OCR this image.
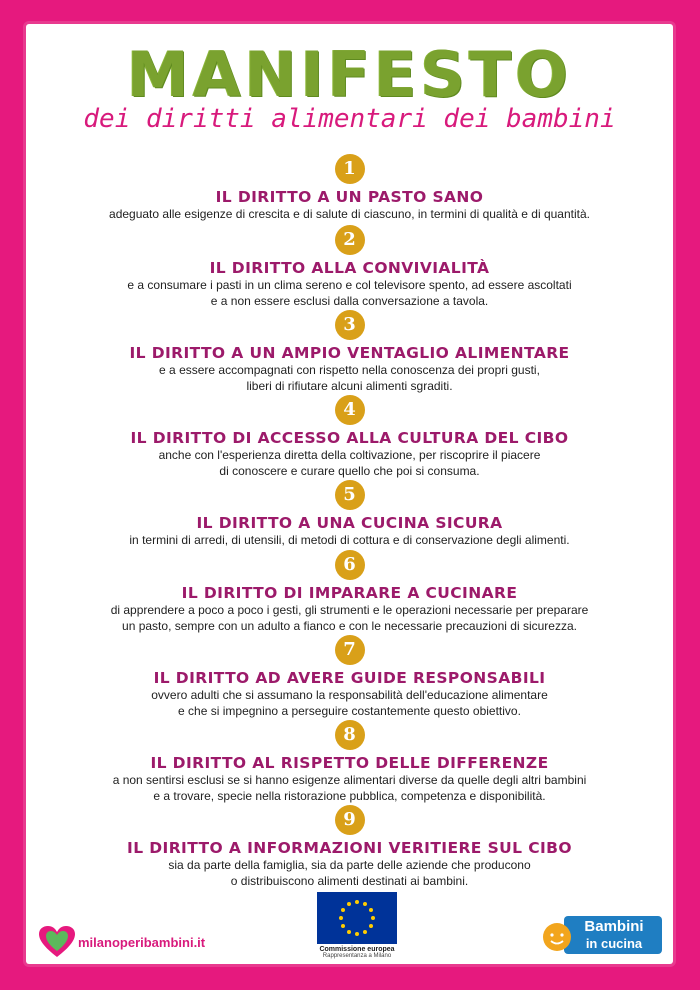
MANIFESTO
dei diritti alimentari dei bambini
1
IL DIRITTO A UN PASTO SANO
adeguato alle esigenze di crescita e di salute di ciascuno, in termini di qualità e di quantità.
2
IL DIRITTO ALLA CONVIVIALITÀ
e a consumare i pasti in un clima sereno e col televisore spento, ad essere ascoltati
e a non essere esclusi dalla conversazione a tavola.
3
IL DIRITTO A UN AMPIO VENTAGLIO ALIMENTARE
e a essere accompagnati con rispetto nella conoscenza dei propri gusti,
liberi di rifiutare alcuni alimenti sgraditi.
4
IL DIRITTO DI ACCESSO ALLA CULTURA DEL CIBO
anche con l'esperienza diretta della coltivazione, per riscoprire il piacere
di conoscere e curare quello che poi si consuma.
5
IL DIRITTO A UNA CUCINA SICURA
in termini di arredi, di utensili, di metodi di cottura e di conservazione degli alimenti.
6
IL DIRITTO DI IMPARARE A CUCINARE
di apprendere a poco a poco i gesti, gli strumenti e le operazioni necessarie per preparare
un pasto, sempre con un adulto a fianco e con le necessarie precauzioni di sicurezza.
7
IL DIRITTO AD AVERE GUIDE RESPONSABILI
ovvero adulti che si assumano la responsabilità dell'educazione alimentare
e che si impegnino a perseguire costantemente questo obiettivo.
8
IL DIRITTO AL RISPETTO DELLE DIFFERENZE
a non sentirsi esclusi se si hanno esigenze alimentari diverse da quelle degli altri bambini
e a trovare, specie nella ristorazione pubblica, competenza e disponibilità.
9
IL DIRITTO A INFORMAZIONI VERITIERE SUL CIBO
sia da parte della famiglia, sia da parte delle aziende che producono
o distribuiscono alimenti destinati ai bambini.
milanoperibambini.it	Commissione europea
Rappresentanza a Milano
Bambini
in cucina
